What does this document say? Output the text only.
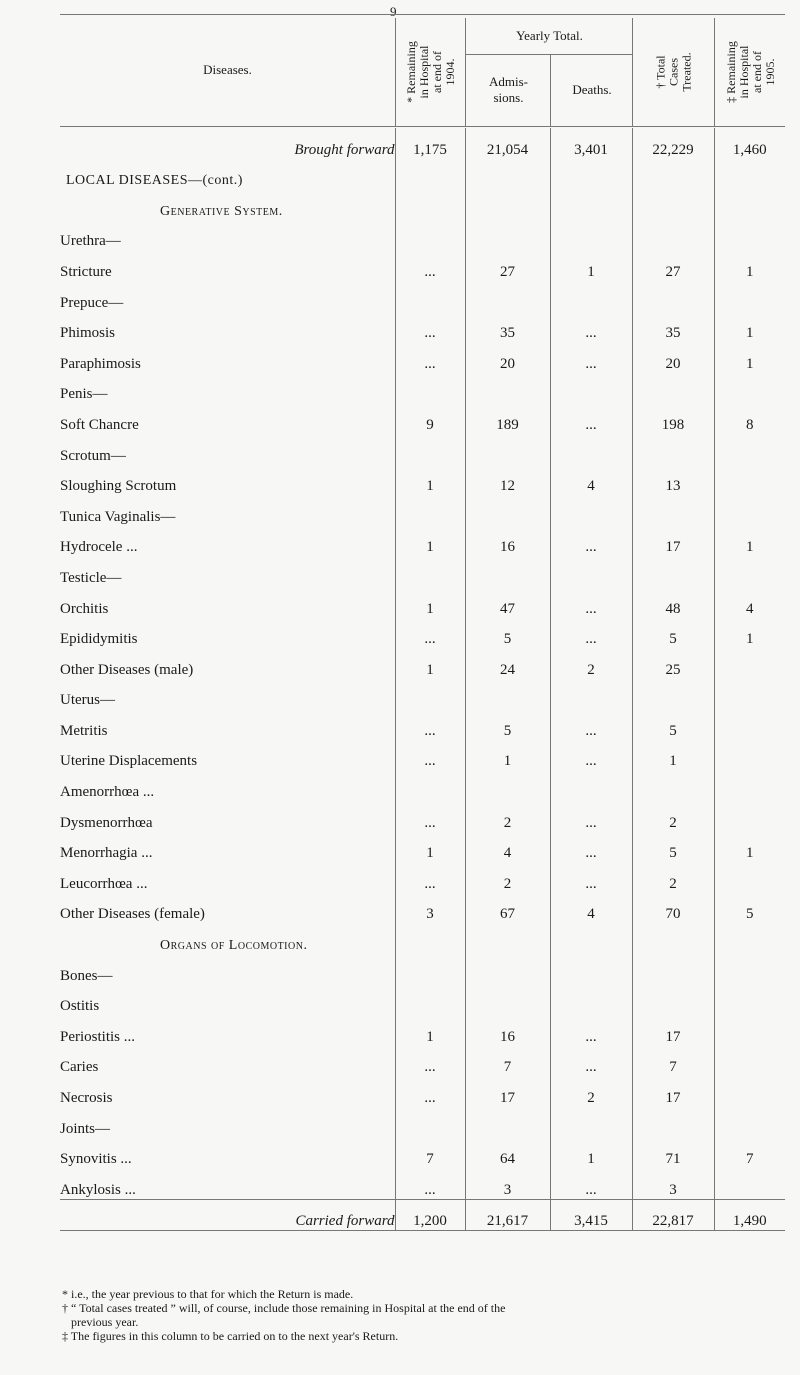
9
Diseases.
* Remaining
in Hospital
at end of
1904.
Yearly Total.
Admis-
sions.
Deaths.	† Total
Cases
Treated.
‡ Remaining
in Hospital
at end of
1905.
Brought forward	1,175	21,054	3,401	22,229	1,460
LOCAL DISEASES—(cont.)					
Generative System.					
Urethra—					
Stricture	...	27	1	27	1
Prepuce—					
Phimosis	...	35	...	35	1
Paraphimosis	...	20	...	20	1
Penis—					
Soft Chancre	9	189	...	198	8
Scrotum—					
Sloughing Scrotum	1	12	4	13	
Tunica Vaginalis—					
Hydrocele ...	1	16	...	17	1
Testicle—					
Orchitis	1	47	...	48	4
Epididymitis	...	5	...	5	1
Other Diseases (male)	1	24	2	25	
Uterus—					
Metritis	...	5	...	5	
Uterine Displacements	...	1	...	1	
Amenorrhœa ...					
Dysmenorrhœa	...	2	...	2	
Menorrhagia ...	1	4	...	5	1
Leucorrhœa ...	...	2	...	2	
Other Diseases (female)	3	67	4	70	5
Organs of Locomotion.					
Bones—					
Ostitis					
Periostitis ...	1	16	...	17	
Caries	...	7	...	7	
Necrosis	...	17	2	17	
Joints—					
Synovitis ...	7	64	1	71	7
Ankylosis ...	...	3	...	3	
Carried forward	1,200	21,617	3,415	22,817	1,490

* i.e., the year previous to that for which the Return is made.

† “ Total cases treated ” will, of course, include those remaining in Hospital at the end of the

previous year.

‡ The figures in this column to be carried on to the next year's Return.
